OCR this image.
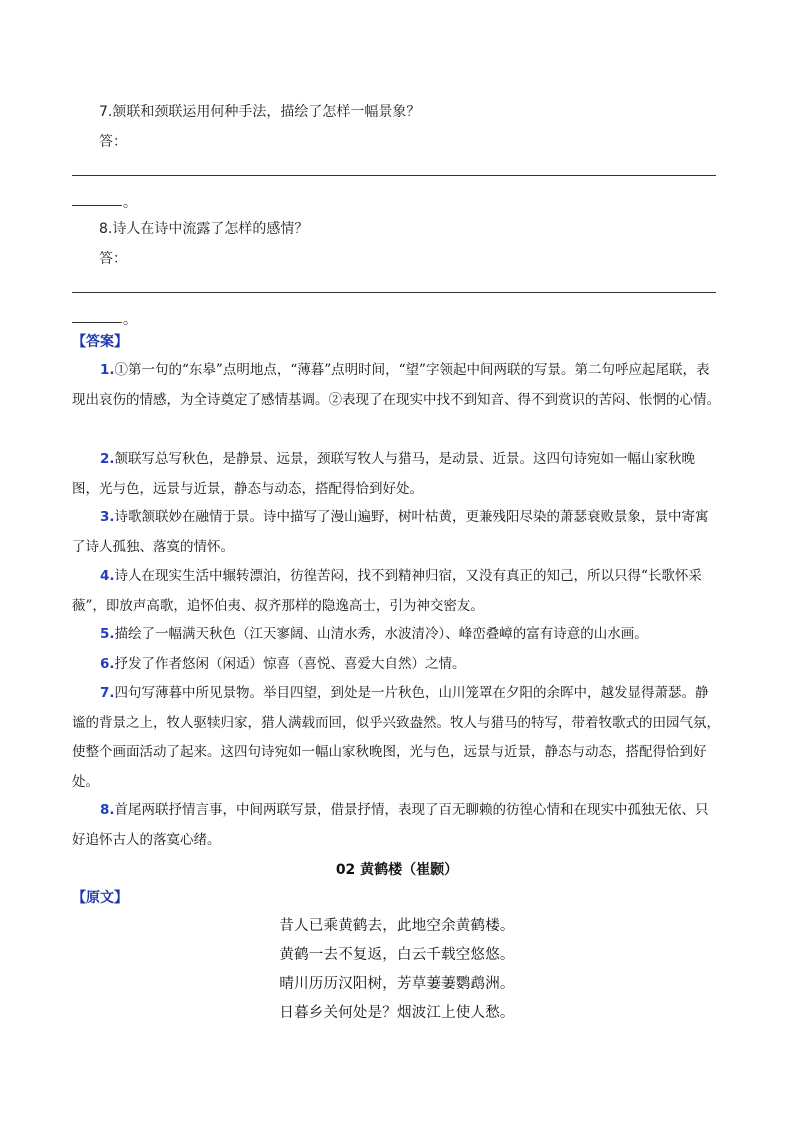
7.颔联和颈联运用何种手法，描绘了怎样一幅景象？
答：
。
8.诗人在诗中流露了怎样的感情？
答：
。
【答案】
1.①第一句的“东皋”点明地点，“薄暮”点明时间，“望”字领起中间两联的写景。第二句呼应起尾联，表现出哀伤的情感，为全诗奠定了感情基调。②表现了在现实中找不到知音、得不到赏识的苦闷、怅惘的心情。
2.颔联写总写秋色，是静景、远景，颈联写牧人与猎马，是动景、近景。这四句诗宛如一幅山家秋晚图，光与色，远景与近景，静态与动态，搭配得恰到好处。
3.诗歌颔联妙在融情于景。诗中描写了漫山遍野，树叶枯黄，更兼残阳尽染的萧瑟衰败景象，景中寄寓了诗人孤独、落寞的情怀。
4.诗人在现实生活中辗转漂泊，彷徨苦闷，找不到精神归宿，又没有真正的知己，所以只得“长歌怀采薇”，即放声高歌，追怀伯夷、叔齐那样的隐逸高士，引为神交密友。
5.描绘了一幅满天秋色（江天寥阔、山清水秀，水波清冷）、峰峦叠嶂的富有诗意的山水画。
6.抒发了作者悠闲（闲适）惊喜（喜悦、喜爱大自然）之情。
7.四句写薄暮中所见景物。举目四望，到处是一片秋色，山川笼罩在夕阳的余晖中，越发显得萧瑟。静谧的背景之上，牧人驱犊归家，猎人满载而回，似乎兴致盎然。牧人与猎马的特写，带着牧歌式的田园气氛，使整个画面活动了起来。这四句诗宛如一幅山家秋晚图，光与色，远景与近景，静态与动态，搭配得恰到好处。
8.首尾两联抒情言事，中间两联写景，借景抒情，表现了百无聊赖的彷徨心情和在现实中孤独无依、只好追怀古人的落寞心绪。
02 黄鹤楼（崔颢）
【原文】
昔人已乘黄鹤去，此地空余黄鹤楼。
黄鹤一去不复返，白云千载空悠悠。
晴川历历汉阳树，芳草萋萋鹦鹉洲。
日暮乡关何处是？烟波江上使人愁。
